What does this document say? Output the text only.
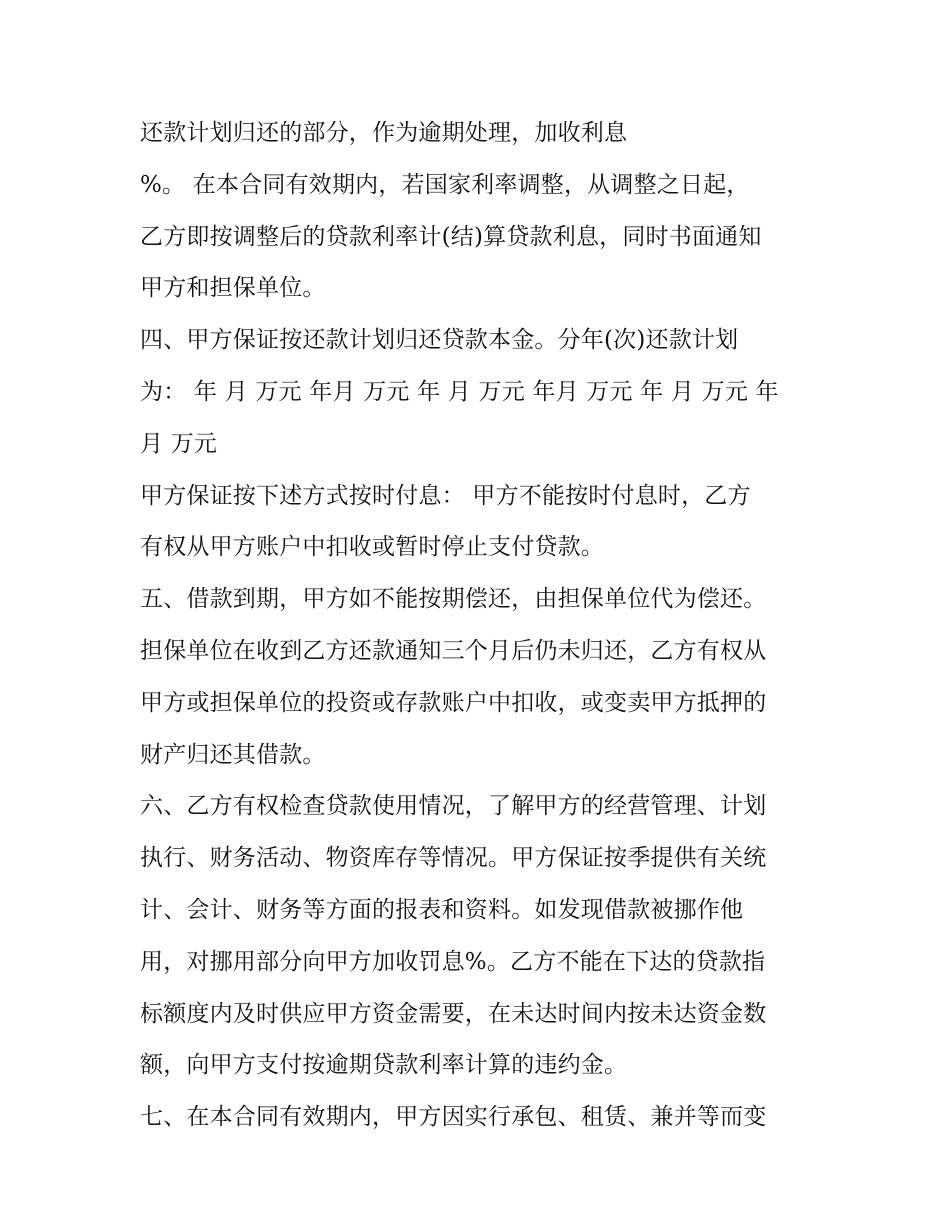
还款计划归还的部分，作为逾期处理，加收利息
%。 在本合同有效期内，若国家利率调整，从调整之日起，
乙方即按调整后的贷款利率计(结)算贷款利息，同时书面通知
甲方和担保单位。
四、甲方保证按还款计划归还贷款本金。分年(次)还款计划
为： 年 月 万元 年月 万元 年 月 万元 年月 万元 年 月 万元 年
月 万元
甲方保证按下述方式按时付息： 甲方不能按时付息时，乙方
有权从甲方账户中扣收或暂时停止支付贷款。
五、借款到期，甲方如不能按期偿还，由担保单位代为偿还。
担保单位在收到乙方还款通知三个月后仍未归还，乙方有权从
甲方或担保单位的投资或存款账户中扣收，或变卖甲方抵押的
财产归还其借款。
六、乙方有权检查贷款使用情况，了解甲方的经营管理、计划
执行、财务活动、物资库存等情况。甲方保证按季提供有关统
计、会计、财务等方面的报表和资料。如发现借款被挪作他
用，对挪用部分向甲方加收罚息%。乙方不能在下达的贷款指
标额度内及时供应甲方资金需要，在未达时间内按未达资金数
额，向甲方支付按逾期贷款利率计算的违约金。
七、在本合同有效期内，甲方因实行承包、租赁、兼并等而变
